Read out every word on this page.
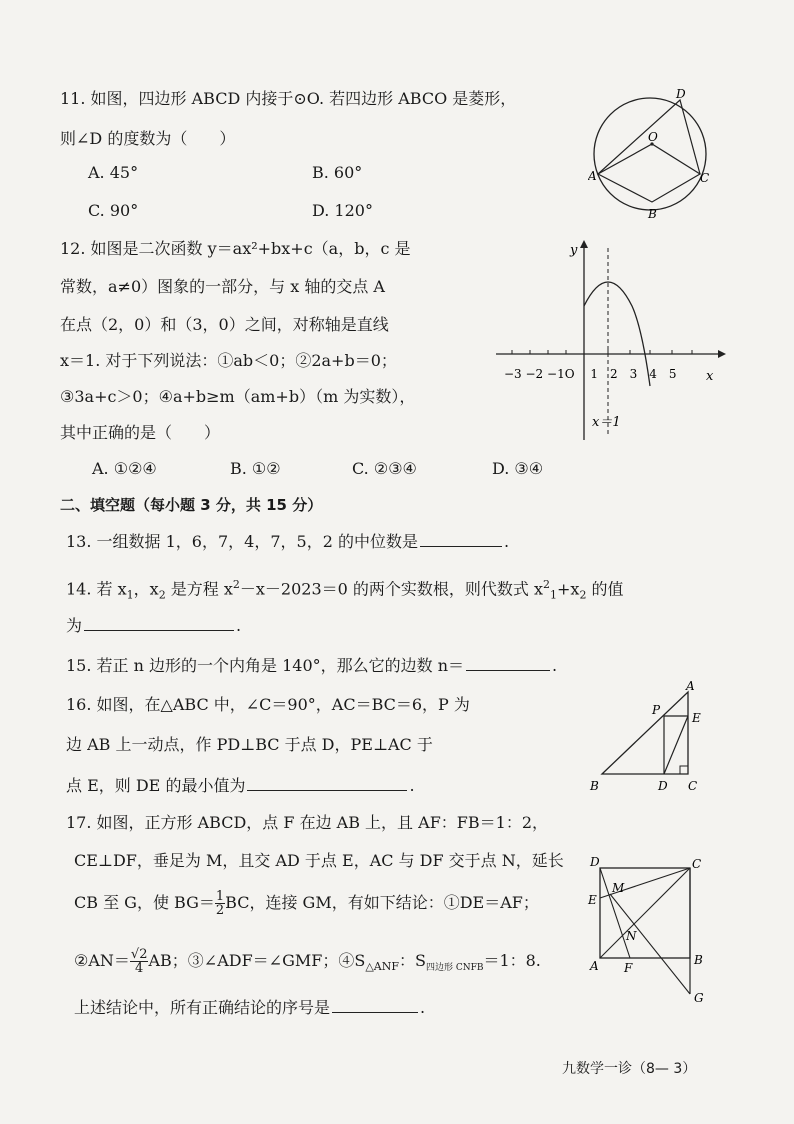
11. 如图，四边形 ABCD 内接于⊙O. 若四边形 ABCO 是菱形，
则∠D 的度数为（　　）
A. 45°	B. 60°
C. 90°	D. 120°
D
O
A	C
B
12. 如图是二次函数 y＝ax²+bx+c（a，b，c 是
常数，a≠0）图象的一部分，与 x 轴的交点 A
在点（2，0）和（3，0）之间，对称轴是直线
x＝1. 对于下列说法：①ab＜0；②2a+b＝0；
③3a+c＞0；④a+b≥m（am+b）（m 为实数），
其中正确的是（　　）
A. ①②④	B. ①②	C. ②③④	D. ③④
y
x
−3 −2 −1O　 1　2　3　4　5
x＝1
二、填空题（每小题 3 分，共 15 分）
13. 一组数据 1，6，7，4，7，5，2 的中位数是	.
14. 若 $x_1$，$x_2$ 是方程 $x^2-x-2023=0$ 的两个实数根，则代数式 $x^2_1+x_2$ 的值
为	.
15. 若正 n 边形的一个内角是 140°，那么它的边数 n＝	.
16. 如图，在△ABC 中，∠C＝90°，AC＝BC＝6，P 为
边 AB 上一动点，作 PD⊥BC 于点 D，PE⊥AC 于
点 E，则 DE 的最小值为	.
A
P
E
B	D C
17. 如图，正方形 ABCD，点 F 在边 AB 上，且 AF：FB＝1：2，
CE⊥DF，垂足为 M，且交 AD 于点 E，AC 与 DF 交于点 N，延长
CB 至 G，使 $BG= \frac{1}{2}$ BC，连接 GM，有如下结论：①DE＝AF；
②AN＝ $\frac{√2}{4}$ AB；③∠ADF＝∠GMF；$④S_{\triangle ANF}$：$S_{四边形 CNFB}=1$：8.
上述结论中，所有正确结论的序号是	.
D	C
M
E
N
A F
B
G
九数学一诊（8— 3）
